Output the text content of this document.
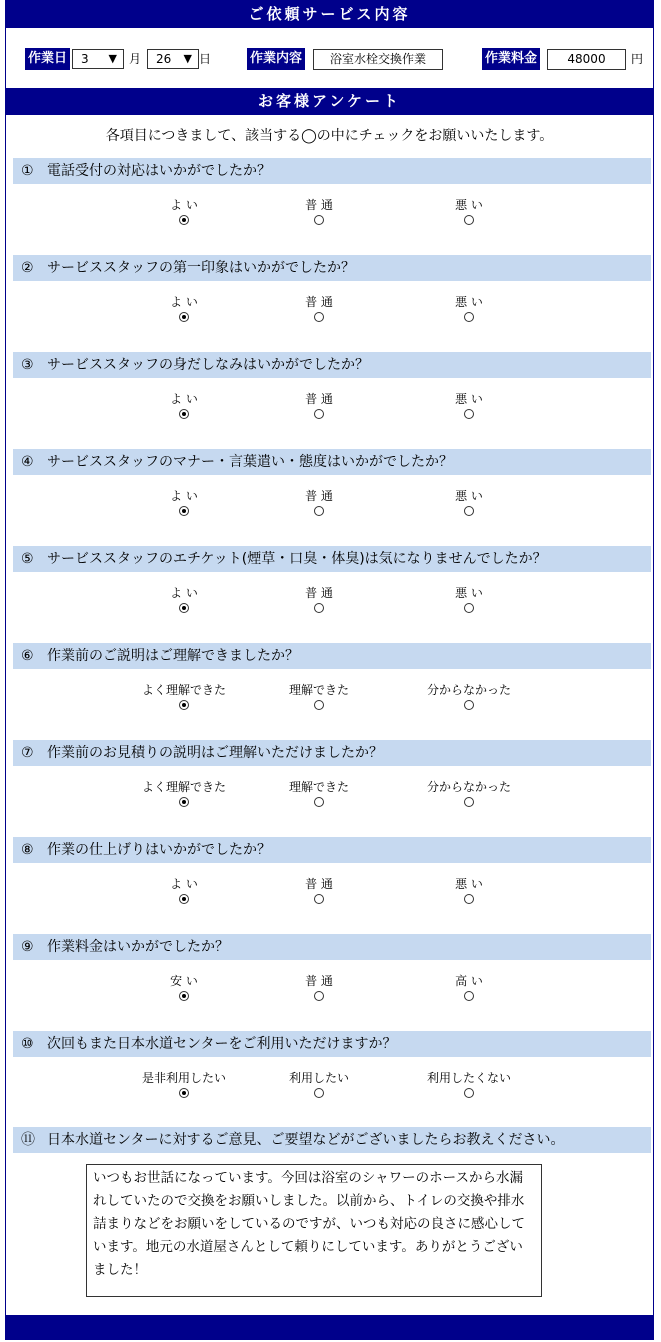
ご依頼サービス内容
作業日	3 ▼ 月	26 ▼ 日	作業内容	浴室水栓交換作業	作業料金	48000	円
お客様アンケート
各項目につきまして、該当する◯の中にチェックをお願いいたします。
① 電話受付の対応はいかがでしたか？
よ い	普 通	悪 い
② サービススタッフの第一印象はいかがでしたか？
よ い	普 通	悪 い
③ サービススタッフの身だしなみはいかがでしたか？
よ い	普 通	悪 い
④ サービススタッフのマナー・言葉遣い・態度はいかがでしたか？
よ い	普 通	悪 い
⑤ サービススタッフのエチケット(煙草・口臭・体臭)は気になりませんでしたか？
よ い	普 通	悪 い
⑥ 作業前のご説明はご理解できましたか？
よく理解できた	理解できた	分からなかった
⑦ 作業前のお見積りの説明はご理解いただけましたか？
よく理解できた	理解できた	分からなかった
⑧ 作業の仕上げりはいかがでしたか？
よ い	普 通	悪 い
⑨ 作業料金はいかがでしたか？
安 い	普 通	高 い
⑩ 次回もまた日本水道センターをご利用いただけますか？
是非利用したい	利用したい	利用したくない
⑪ 日本水道センターに対するご意見、ご要望などがございましたらお教えください。
いつもお世話になっています。今回は浴室のシャワーのホースから水漏れしていたので交換をお願いしました。以前から、トイレの交換や排水詰まりなどをお願いをしているのですが、いつも対応の良さに感心しています。地元の水道屋さんとして頼りにしています。ありがとうございました！
